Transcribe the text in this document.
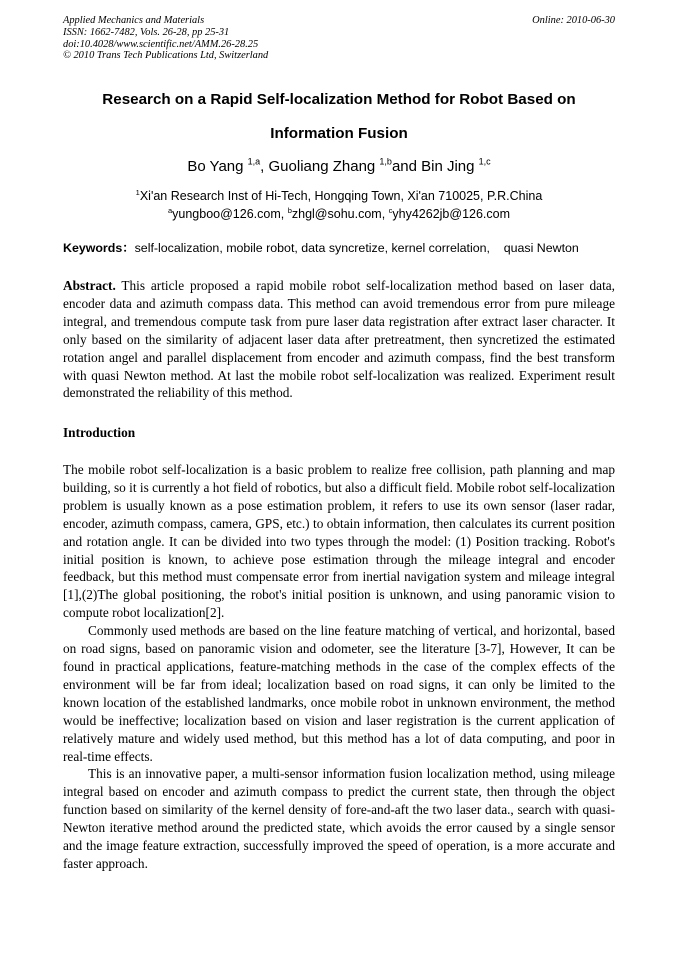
Applied Mechanics and Materials
ISSN: 1662-7482, Vols. 26-28, pp 25-31
doi:10.4028/www.scientific.net/AMM.26-28.25
© 2010 Trans Tech Publications Ltd, Switzerland
Online: 2010-06-30
Research on a Rapid Self-localization Method for Robot Based on
Information Fusion
Bo Yang $^{1,a}$, Guoliang Zhang $^{1,b}$and Bin Jing $^{1,c}$
$^1$Xi'an Research Inst of Hi-Tech, Hongqing Town, Xi'an 710025, P.R.China
$^a$yungboo@126.com, $^b$zhgl@sohu.com, $^c$yhy4262jb@126.com
Keywords：self-localization, mobile robot, data syncretize, kernel correlation,    quasi Newton
Abstract. This article proposed a rapid mobile robot self-localization method based on laser data, encoder data and azimuth compass data. This method can avoid tremendous error from pure mileage integral, and tremendous compute task from pure laser data registration after extract laser character. It only based on the similarity of adjacent laser data after pretreatment, then syncretized the estimated rotation angel and parallel displacement from encoder and azimuth compass, find the best transform with quasi Newton method. At last the mobile robot self-localization was realized. Experiment result demonstrated the reliability of this method.
Introduction

The mobile robot self-localization is a basic problem to realize free collision, path planning and map building, so it is currently a hot field of robotics, but also a difficult field. Mobile robot self-localization problem is usually known as a pose estimation problem, it refers to use its own sensor (laser radar, encoder, azimuth compass, camera, GPS, etc.) to obtain information, then calculates its current position and rotation angle. It can be divided into two types through the model: (1) Position tracking. Robot's initial position is known, to achieve pose estimation through the mileage integral and encoder feedback, but this method must compensate error from inertial navigation system and mileage integral [1],(2)The global positioning, the robot's initial position is unknown, and using panoramic vision to compute robot localization[2].

Commonly used methods are based on the line feature matching of vertical, and horizontal, based on road signs, based on panoramic vision and odometer, see the literature [3-7], However, It can be found in practical applications, feature-matching methods in the case of the complex effects of the environment will be far from ideal; localization based on road signs, it can only be limited to the known location of the established landmarks, once mobile robot in unknown environment, the method would be ineffective; localization based on vision and laser registration is the current application of relatively mature and widely used method, but this method has a lot of data computing, and poor in real-time effects.

This is an innovative paper, a multi-sensor information fusion localization method, using mileage integral based on encoder and azimuth compass to predict the current state, then through the object function based on similarity of the kernel density of fore-and-aft the two laser data., search with quasi-Newton iterative method around the predicted state, which avoids the error caused by a single sensor and the image feature extraction, successfully improved the speed of operation, is a more accurate and faster approach.
